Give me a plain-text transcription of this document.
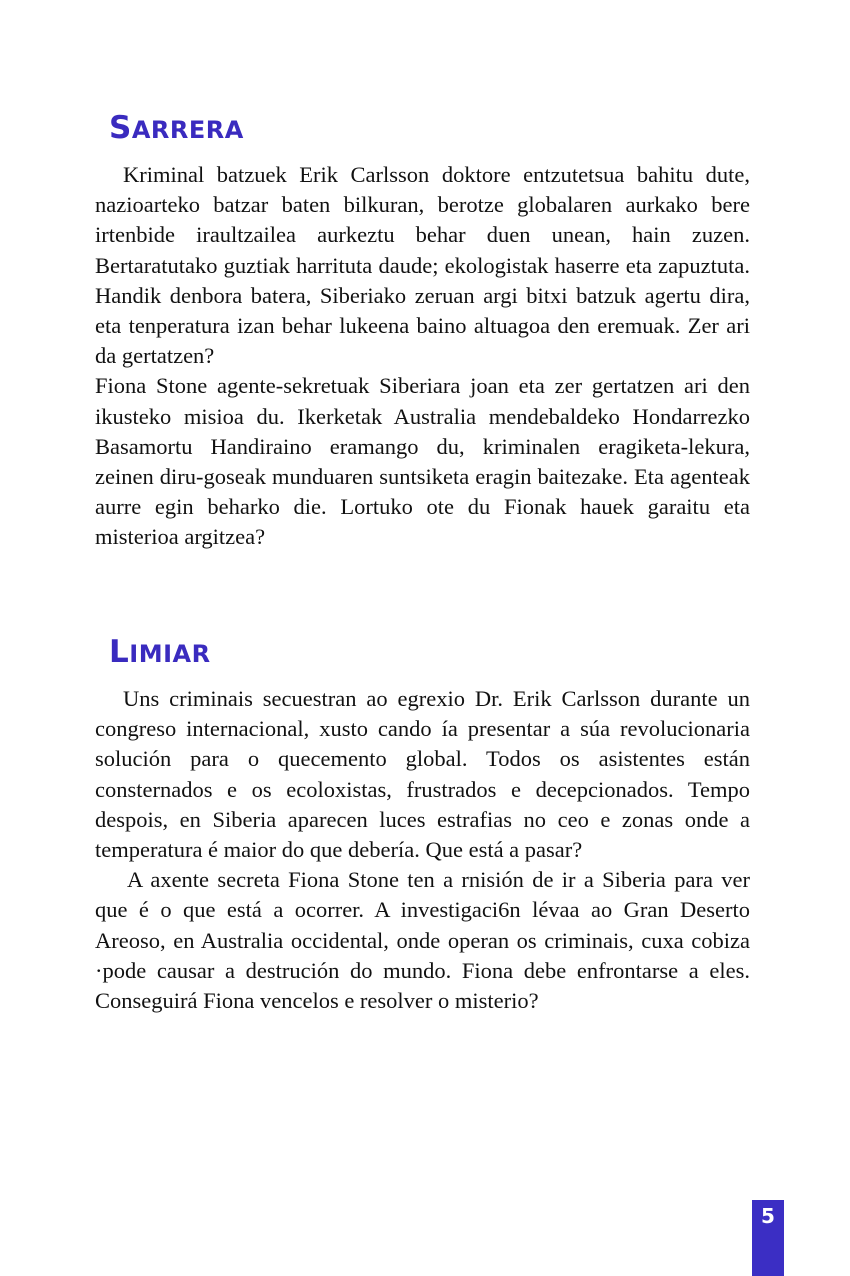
SARRERA

Kriminal batzuek Erik Carlsson doktore entzutetsua bahitu dute, nazioarteko batzar baten bilkuran, berotze globalaren aurkako bere irtenbide iraultzailea aurkeztu behar duen unean, hain zuzen. Bertaratutako guztiak harrituta daude; ekologistak haserre eta zapuztuta. Handik denbora batera, Siberiako zeruan argi bitxi batzuk agertu dira, eta tenperatura izan behar lukeena baino altuagoa den eremuak. Zer ari da gertatzen?

Fiona Stone agente-sekretuak Siberiara joan eta zer gertatzen ari den ikusteko misioa du. Ikerketak Australia mendebaldeko Hondarrezko Basamortu Handiraino eramango du, kriminalen eragiketa-lekura, zeinen diru-goseak munduaren suntsiketa eragin baitezake. Eta agenteak aurre egin beharko die. Lortuko ote du Fionak hauek garaitu eta misterioa argitzea?

LIMIAR

Uns criminais secuestran ao egrexio Dr. Erik Carlsson durante un congreso internacional, xusto cando ía presentar a súa revolucionaria solución para o quecemento global. Todos os asistentes están consternados e os ecoloxistas, frustrados e decepcionados. Tempo despois, en Siberia aparecen luces estrafias no ceo e zonas onde a temperatura é maior do que debería. Que está a pasar?

A axente secreta Fiona Stone ten a rnisión de ir a Siberia para ver que é o que está a ocorrer. A investigaci6n lévaa ao Gran Deserto Areoso, en Australia occidental, onde operan os criminais, cuxa cobiza ·pode causar a destrución do mundo. Fiona debe enfrontarse a eles. Conseguirá Fiona vencelos e resolver o misterio?

5
